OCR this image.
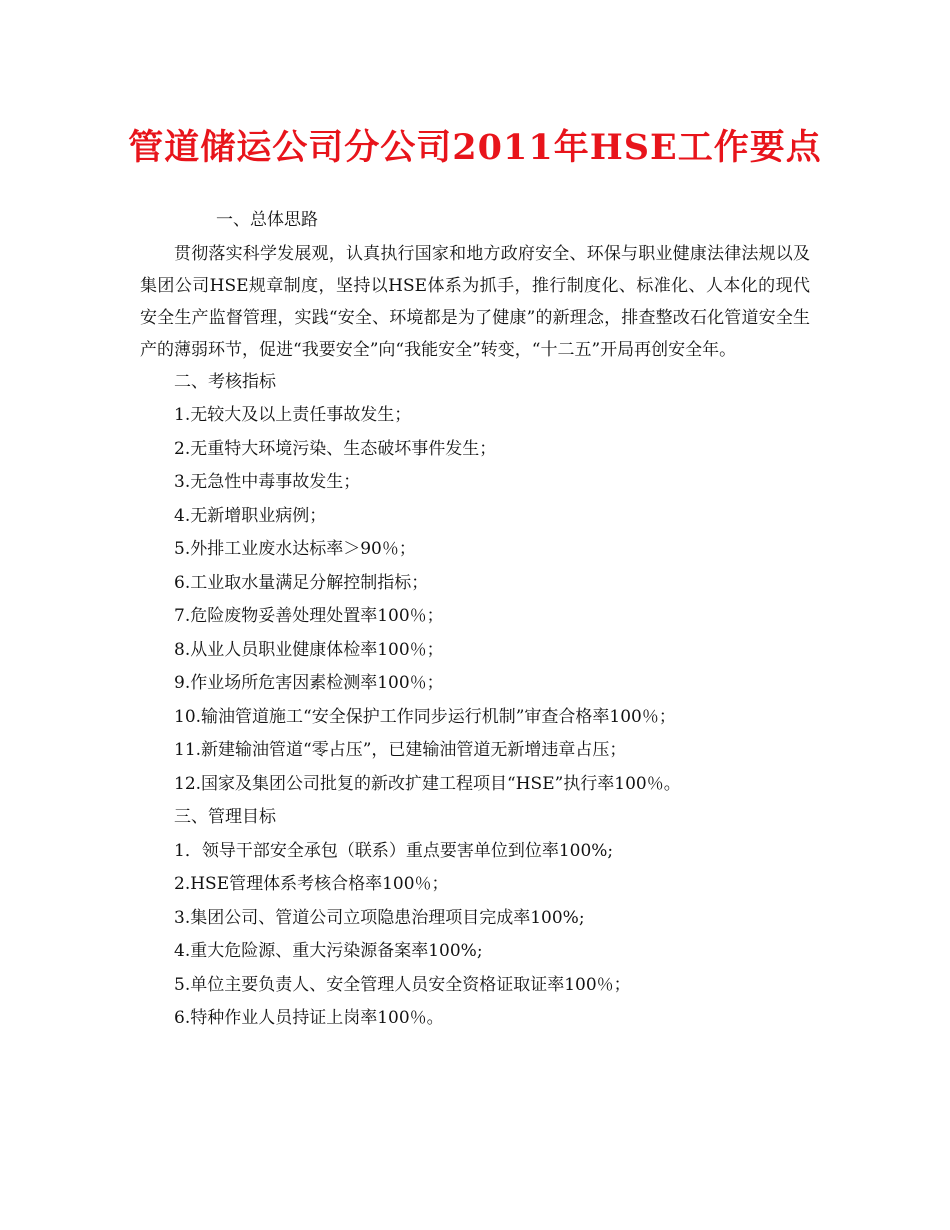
管道储运公司分公司2011年HSE工作要点

一、总体思路

贯彻落实科学发展观，认真执行国家和地方政府安全、环保与职业健康法律法规以及集团公司HSE规章制度，坚持以HSE体系为抓手，推行制度化、标准化、人本化的现代安全生产监督管理，实践“安全、环境都是为了健康”的新理念，排查整改石化管道安全生产的薄弱环节，促进“我要安全”向“我能安全”转变，“十二五”开局再创安全年。

二、考核指标

1.无较大及以上责任事故发生；
2.无重特大环境污染、生态破坏事件发生；
3.无急性中毒事故发生；
4.无新增职业病例；
5.外排工业废水达标率＞90％；
6.工业取水量满足分解控制指标；
7.危险废物妥善处理处置率100％；
8.从业人员职业健康体检率100％；
9.作业场所危害因素检测率100％；
10.输油管道施工“安全保护工作同步运行机制”审查合格率100％；
11.新建输油管道“零占压”，已建输油管道无新增违章占压；
12.国家及集团公司批复的新改扩建工程项目“HSE”执行率100％。

三、管理目标

1．领导干部安全承包（联系）重点要害单位到位率100%;
2.HSE管理体系考核合格率100％；
3.集团公司、管道公司立项隐患治理项目完成率100%;
4.重大危险源、重大污染源备案率100%;
5.单位主要负责人、安全管理人员安全资格证取证率100％；
6.特种作业人员持证上岗率100％。
